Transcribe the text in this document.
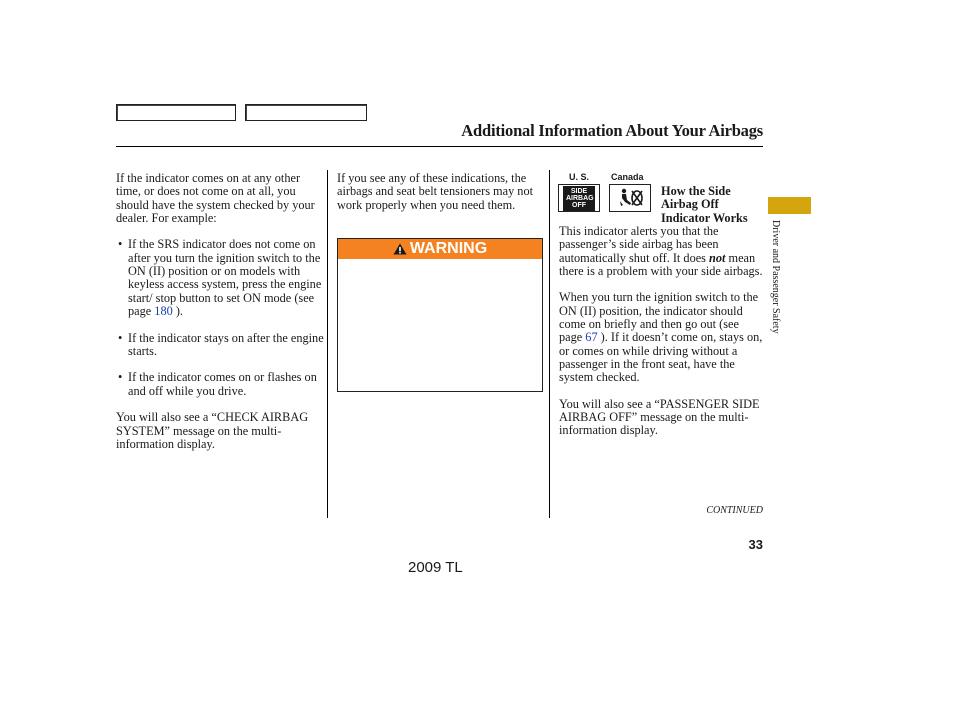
Additional Information About Your Airbags

If the indicator comes on at any other time, or does not come on at all, you should have the system checked by your dealer. For example:

• If the SRS indicator does not come on after you turn the ignition switch to the ON (II) position or on models with keyless access system, press the engine start/ stop button to set ON mode (see page 180 ).
• If the indicator stays on after the engine starts.
• If the indicator comes on or flashes on and off while you drive.

You will also see a “CHECK AIRBAG SYSTEM” message on the multi-information display.

If you see any of these indications, the airbags and seat belt tensioners may not work properly when you need them.

WARNING
U. S. Canada
SIDE AIRBAG OFF
How the Side Airbag Off Indicator Works

This indicator alerts you that the passenger’s side airbag has been automatically shut off. It does not mean there is a problem with your side airbags.

When you turn the ignition switch to the ON (II) position, the indicator should come on briefly and then go out (see page 67 ). If it doesn’t come on, stays on, or comes on while driving without a passenger in the front seat, have the system checked.

You will also see a “PASSENGER SIDE AIRBAG OFF” message on the multi-information display.

Driver and Passenger Safety
CONTINUED
33
2009 TL
